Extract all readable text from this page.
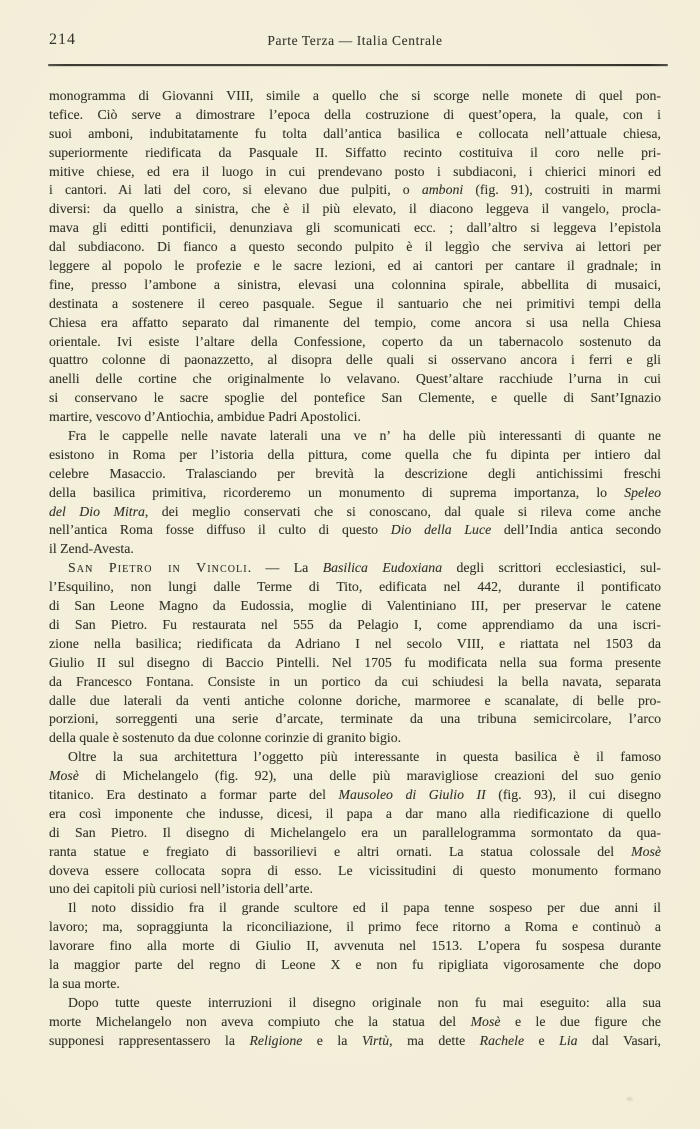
214	Parte Terza — Italia Centrale
monogramma di Giovanni VIII, simile a quello che si scorge nelle monete di quel pon-
tefice. Ciò serve a dimostrare l’epoca della costruzione di quest’opera, la quale, con i
suoi amboni, indubitatamente fu tolta dall’antica basilica e collocata nell’attuale chiesa,
superiormente riedificata da Pasquale II. Siffatto recinto costituiva il coro nelle pri-
mitive chiese, ed era il luogo in cui prendevano posto i subdiaconi, i chierici minori ed
i cantori. Ai lati del coro, si elevano due pulpiti, o amboni (fig. 91), costruiti in marmi
diversi: da quello a sinistra, che è il più elevato, il diacono leggeva il vangelo, procla-
mava gli editti pontificii, denunziava gli scomunicati ecc. ; dall’altro si leggeva l’epistola
dal subdiacono. Di fianco a questo secondo pulpito è il leggìo che serviva ai lettori per
leggere al popolo le profezie e le sacre lezioni, ed ai cantori per cantare il gradnale; in
fine, presso l’ambone a sinistra, elevasi una colonnina spirale, abbellita di musaici,
destinata a sostenere il cereo pasquale. Segue il santuario che nei primitivi tempi della
Chiesa era affatto separato dal rimanente del tempio, come ancora si usa nella Chiesa
orientale. Ivi esiste l’altare della Confessione, coperto da un tabernacolo sostenuto da
quattro colonne di paonazzetto, al disopra delle quali si osservano ancora i ferri e gli
anelli delle cortine che originalmente lo velavano. Quest’altare racchiude l’urna in cui
si conservano le sacre spoglie del pontefice San Clemente, e quelle di Sant’Ignazio
martire, vescovo d’Antiochia, ambidue Padri Apostolici.
Fra le cappelle nelle navate laterali una ve n’ ha delle più interessanti di quante ne
esistono in Roma per l’istoria della pittura, come quella che fu dipinta per intiero dal
celebre Masaccio. Tralasciando per brevità la descrizione degli antichissimi freschi
della basilica primitiva, ricorderemo un monumento di suprema importanza, lo Speleo
del Dio Mitra, dei meglio conservati che si conoscano, dal quale si rileva come anche
nell’antica Roma fosse diffuso il culto di questo Dio della Luce dell’India antica secondo
il Zend-Avesta.
San Pietro in Vincoli. — La Basilica Eudoxiana degli scrittori ecclesiastici, sul-
l’Esquilino, non lungi dalle Terme di Tito, edificata nel 442, durante il pontificato
di San Leone Magno da Eudossia, moglie di Valentiniano III, per preservar le catene
di San Pietro. Fu restaurata nel 555 da Pelagio I, come apprendiamo da una iscri-
zione nella basilica; riedificata da Adriano I nel secolo VIII, e riattata nel 1503 da
Giulio II sul disegno di Baccio Pintelli. Nel 1705 fu modificata nella sua forma presente
da Francesco Fontana. Consiste in un portico da cui schiudesi la bella navata, separata
dalle due laterali da venti antiche colonne doriche, marmoree e scanalate, di belle pro-
porzioni, sorreggenti una serie d’arcate, terminate da una tribuna semicircolare, l’arco
della quale è sostenuto da due colonne corinzie di granito bigio.
Oltre la sua architettura l’oggetto più interessante in questa basilica è il famoso
Mosè di Michelangelo (fig. 92), una delle più maravigliose creazioni del suo genio
titanico. Era destinato a formar parte del Mausoleo di Giulio II (fig. 93), il cui disegno
era così imponente che indusse, dicesi, il papa a dar mano alla riedificazione di quello
di San Pietro. Il disegno di Michelangelo era un parallelogramma sormontato da qua-
ranta statue e fregiato di bassorilievi e altri ornati. La statua colossale del Mosè
doveva essere collocata sopra di esso. Le vicissitudini di questo monumento formano
uno dei capitoli più curiosi nell’istoria dell’arte.
Il noto dissidio fra il grande scultore ed il papa tenne sospeso per due anni il
lavoro; ma, sopraggiunta la riconciliazione, il primo fece ritorno a Roma e continuò a
lavorare fino alla morte di Giulio II, avvenuta nel 1513. L’opera fu sospesa durante
la maggior parte del regno di Leone X e non fu ripigliata vigorosamente che dopo
la sua morte.
Dopo tutte queste interruzioni il disegno originale non fu mai eseguito: alla sua
morte Michelangelo non aveva compiuto che la statua del Mosè e le due figure che
supponesi rappresentassero la Religione e la Virtù, ma dette Rachele e Lia dal Vasari,
